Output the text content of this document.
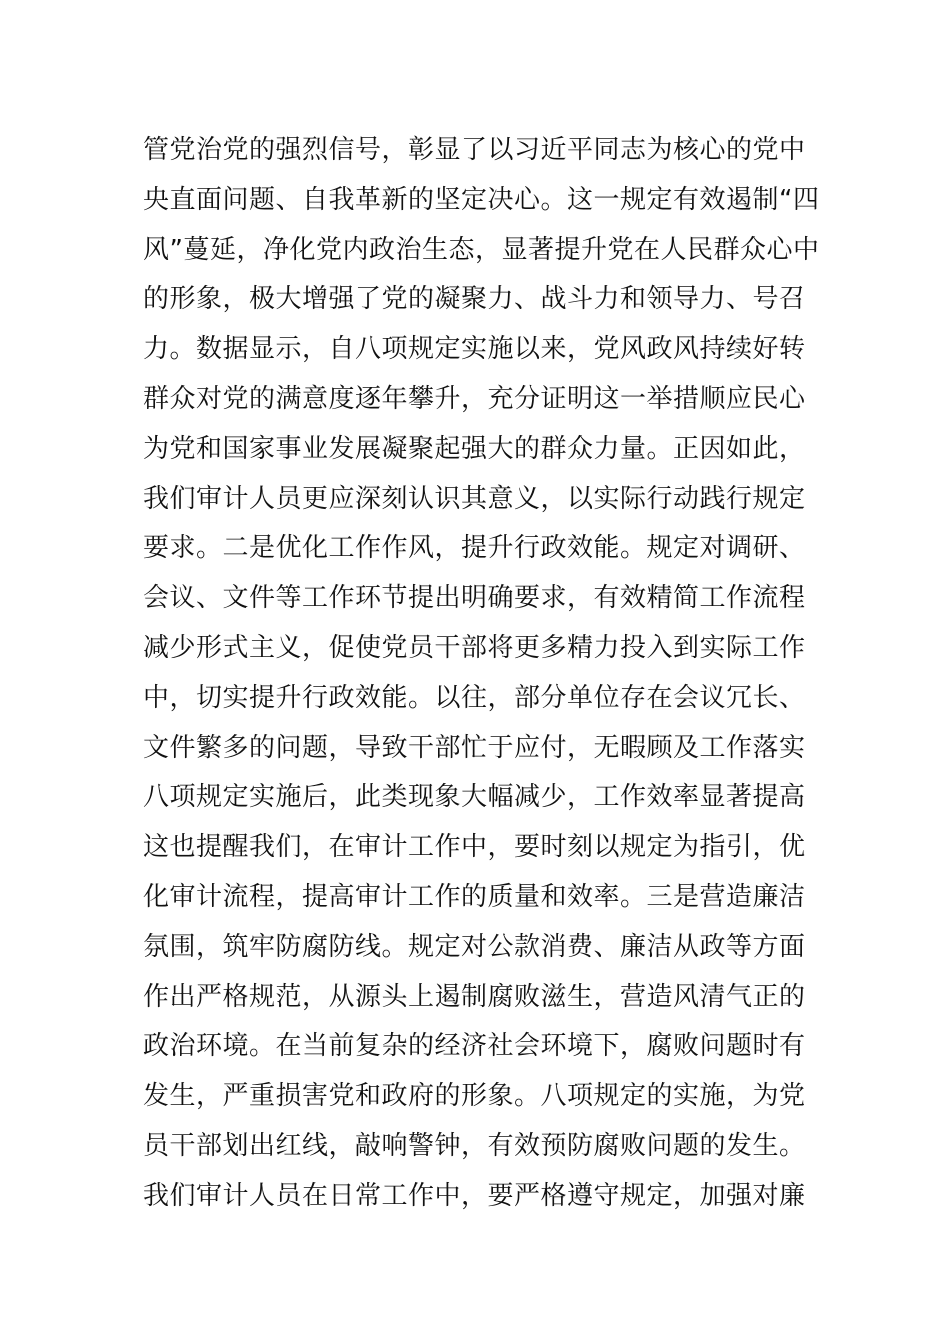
管党治党的强烈信号，彰显了以习近平同志为核心的党中
央直面问题、自我革新的坚定决心。这一规定有效遏制“四
风”蔓延，净化党内政治生态，显著提升党在人民群众心中
的形象，极大增强了党的凝聚力、战斗力和领导力、号召
力。数据显示，自八项规定实施以来，党风政风持续好转
群众对党的满意度逐年攀升，充分证明这一举措顺应民心
为党和国家事业发展凝聚起强大的群众力量。正因如此，
我们审计人员更应深刻认识其意义，以实际行动践行规定
要求。二是优化工作作风，提升行政效能。规定对调研、
会议、文件等工作环节提出明确要求，有效精简工作流程
减少形式主义，促使党员干部将更多精力投入到实际工作
中，切实提升行政效能。以往，部分单位存在会议冗长、
文件繁多的问题，导致干部忙于应付，无暇顾及工作落实
八项规定实施后，此类现象大幅减少，工作效率显著提高
这也提醒我们，在审计工作中，要时刻以规定为指引，优
化审计流程，提高审计工作的质量和效率。三是营造廉洁
氛围，筑牢防腐防线。规定对公款消费、廉洁从政等方面
作出严格规范，从源头上遏制腐败滋生，营造风清气正的
政治环境。在当前复杂的经济社会环境下，腐败问题时有
发生，严重损害党和政府的形象。八项规定的实施，为党
员干部划出红线，敲响警钟，有效预防腐败问题的发生。
我们审计人员在日常工作中，要严格遵守规定，加强对廉
